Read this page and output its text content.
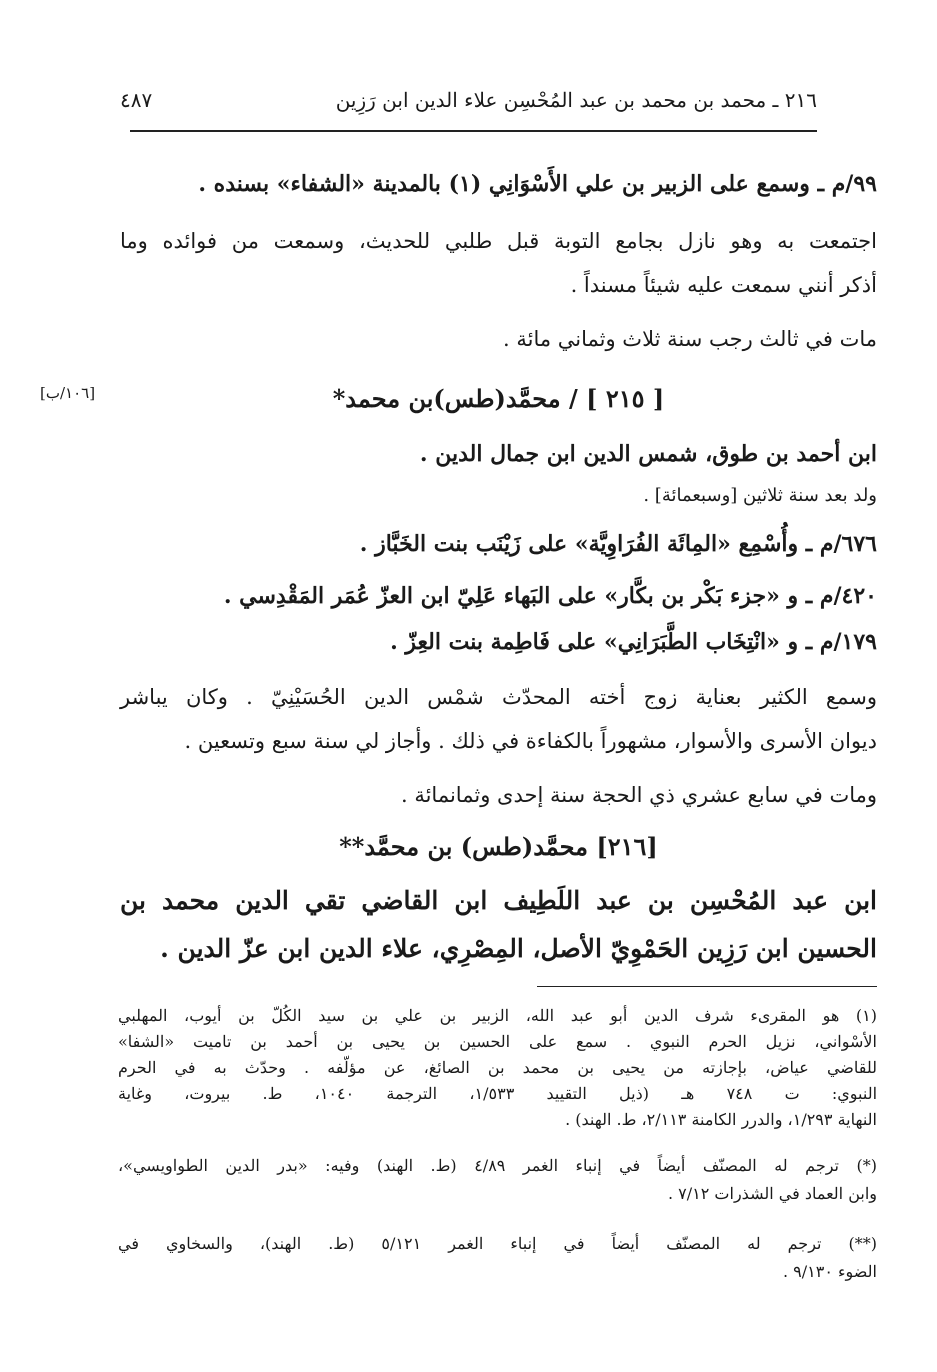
٢١٦ ـ محمد بن محمد بن عبد المُحْسِن علاء الدين ابن رَزِين
٤٨٧
[١٠٦/ب]
٩٩/م ـ وسمع على الزبير بن علي الأَسْوَانِي (١) بالمدينة «الشفاء» بسنده .
اجتمعت به وهو نازل بجامع التوبة قبل طلبي للحديث، وسمعت من فوائده وما
أذكر أنني سمعت عليه شيئاً مسنداً .
مات في ثالث رجب سنة ثلاث وثماني مائة .
[ ٢١٥ ] / محمَّد(طس)بن محمد*
ابن أحمد بن طوق، شمس الدين ابن جمال الدين .
ولد بعد سنة ثلاثين [وسبعمائة] .
٦٧٦/م ـ وأُسْمِع «المِائَة الفُرَاوِيَّة» على زَيْنَب بنت الخَبَّاز .
٤٢٠/م ـ و «جزء بَكْر بن بكَّار» على البَهاء عَلِيّ ابن العزّ عُمَر المَقْدِسي .
١٧٩/م ـ و «انْتِخَاب الطَّبَرَانِي» على فَاطِمة بنت العِزّ .
وسمع الكثير بعناية زوج أخته المحدّث شمْس الدين الحُسَيْنِيّ . وكان يباشر
ديوان الأسرى والأسوار، مشهوراً بالكفاءة في ذلك . وأجاز لي سنة سبع وتسعين .
ومات في سابع عشري ذي الحجة سنة إحدى وثمانمائة .
[٢١٦] محمَّد(طس) بن محمَّد**
ابن عبد المُحْسِن بن عبد اللَطِيف ابن القاضي تقي الدين محمد بن
الحسين ابن رَزِين الحَمْوِيّ الأصل، المِصْرِي، علاء الدين ابن عزّ الدين .
(١) هو المقرىء شرف الدين أبو عبد الله، الزبير بن علي بن سيد الكُلّ بن أيوب، المهلبي
الأسْواني، نزيل الحرم النبوي . سمع على الحسين بن يحيى بن أحمد بن تاميت «الشفا»
للقاضي عياض، بإجازته من يحيى بن محمد بن الصائغ، عن مؤلّفه . وحدّث به في الحرم
النبوي: ت ٧٤٨ هـ (ذيل التقييد ١/٥٣٣، الترجمة ١٠٤٠، ط. بيروت، وغاية
النهاية ١/٢٩٣، والدرر الكامنة ٢/١١٣، ط. الهند) .
(*) ترجم له المصنّف أيضاً في إنباء الغمر ٤/٨٩ (ط. الهند) وفيه: «بدر الدين الطواويسي»،
وابن العماد في الشذرات ٧/١٢ .
(**) ترجم له المصنّف أيضاً في إنباء الغمر ٥/١٢١ (ط. الهند)، والسخاوي في
الضوء ٩/١٣٠ .
